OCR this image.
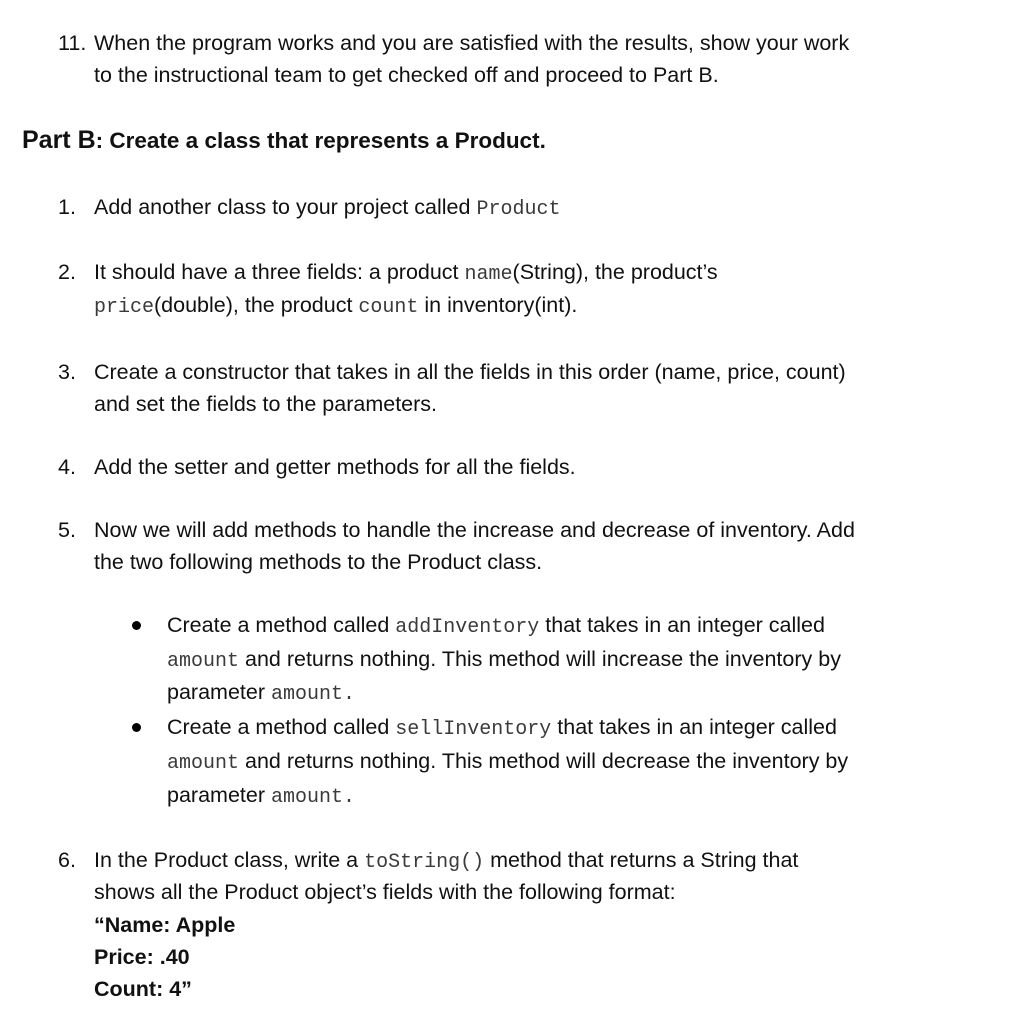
11. When the program works and you are satisfied with the results, show your work
to the instructional team to get checked off and proceed to Part B.
Part B: Create a class that represents a Product.
1. Add another class to your project called Product
2. It should have a three fields: a product name(String), the product’s
price(double), the product count in inventory(int).
3. Create a constructor that takes in all the fields in this order (name, price, count)
and set the fields to the parameters.
4. Add the setter and getter methods for all the fields.
5. Now we will add methods to handle the increase and decrease of inventory. Add
the two following methods to the Product class.
Create a method called addInventory that takes in an integer called
amount and returns nothing. This method will increase the inventory by
parameter amount.
Create a method called sellInventory that takes in an integer called
amount and returns nothing. This method will decrease the inventory by
parameter amount.
6. In the Product class, write a toString() method that returns a String that
shows all the Product object’s fields with the following format:
“Name: Apple
Price: .40
Count: 4”
